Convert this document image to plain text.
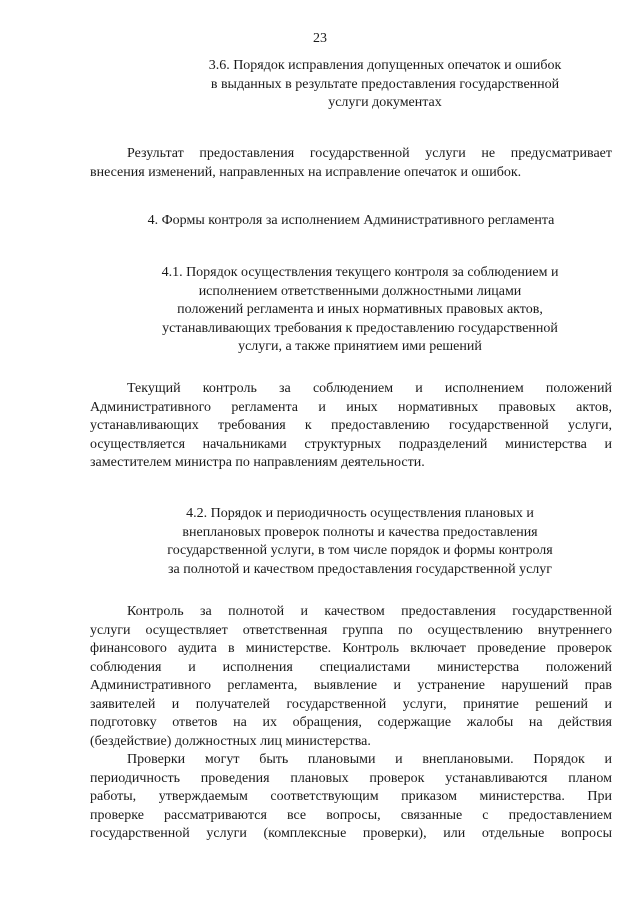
23
3.6. Порядок исправления допущенных опечаток и ошибок
в выданных в результате предоставления государственной
услуги документах
Результат предоставления государственной услуги не предусматривает
внесения изменений, направленных на исправление опечаток и ошибок.
4. Формы контроля за исполнением Административного регламента
4.1. Порядок осуществления текущего контроля за соблюдением и
исполнением ответственными должностными лицами
положений регламента и иных нормативных правовых актов,
устанавливающих требования к предоставлению государственной
услуги, а также принятием ими решений
Текущий контроль за соблюдением и исполнением положений
Административного регламента и иных нормативных правовых актов,
устанавливающих требования к предоставлению государственной услуги,
осуществляется начальниками структурных подразделений министерства и
заместителем министра по направлениям деятельности.
4.2. Порядок и периодичность осуществления плановых и
внеплановых проверок полноты и качества предоставления
государственной услуги, в том числе порядок и формы контроля
за полнотой и качеством предоставления государственной услуг
Контроль за полнотой и качеством предоставления государственной
услуги осуществляет ответственная группа по осуществлению внутреннего
финансового аудита в министерстве. Контроль включает проведение проверок
соблюдения и исполнения специалистами министерства положений
Административного регламента, выявление и устранение нарушений прав
заявителей и получателей государственной услуги, принятие решений и
подготовку ответов на их обращения, содержащие жалобы на действия
(бездействие) должностных лиц министерства.
Проверки могут быть плановыми и внеплановыми. Порядок и
периодичность проведения плановых проверок устанавливаются планом
работы, утверждаемым соответствующим приказом министерства. При
проверке рассматриваются все вопросы, связанные с предоставлением
государственной услуги (комплексные проверки), или отдельные вопросы
